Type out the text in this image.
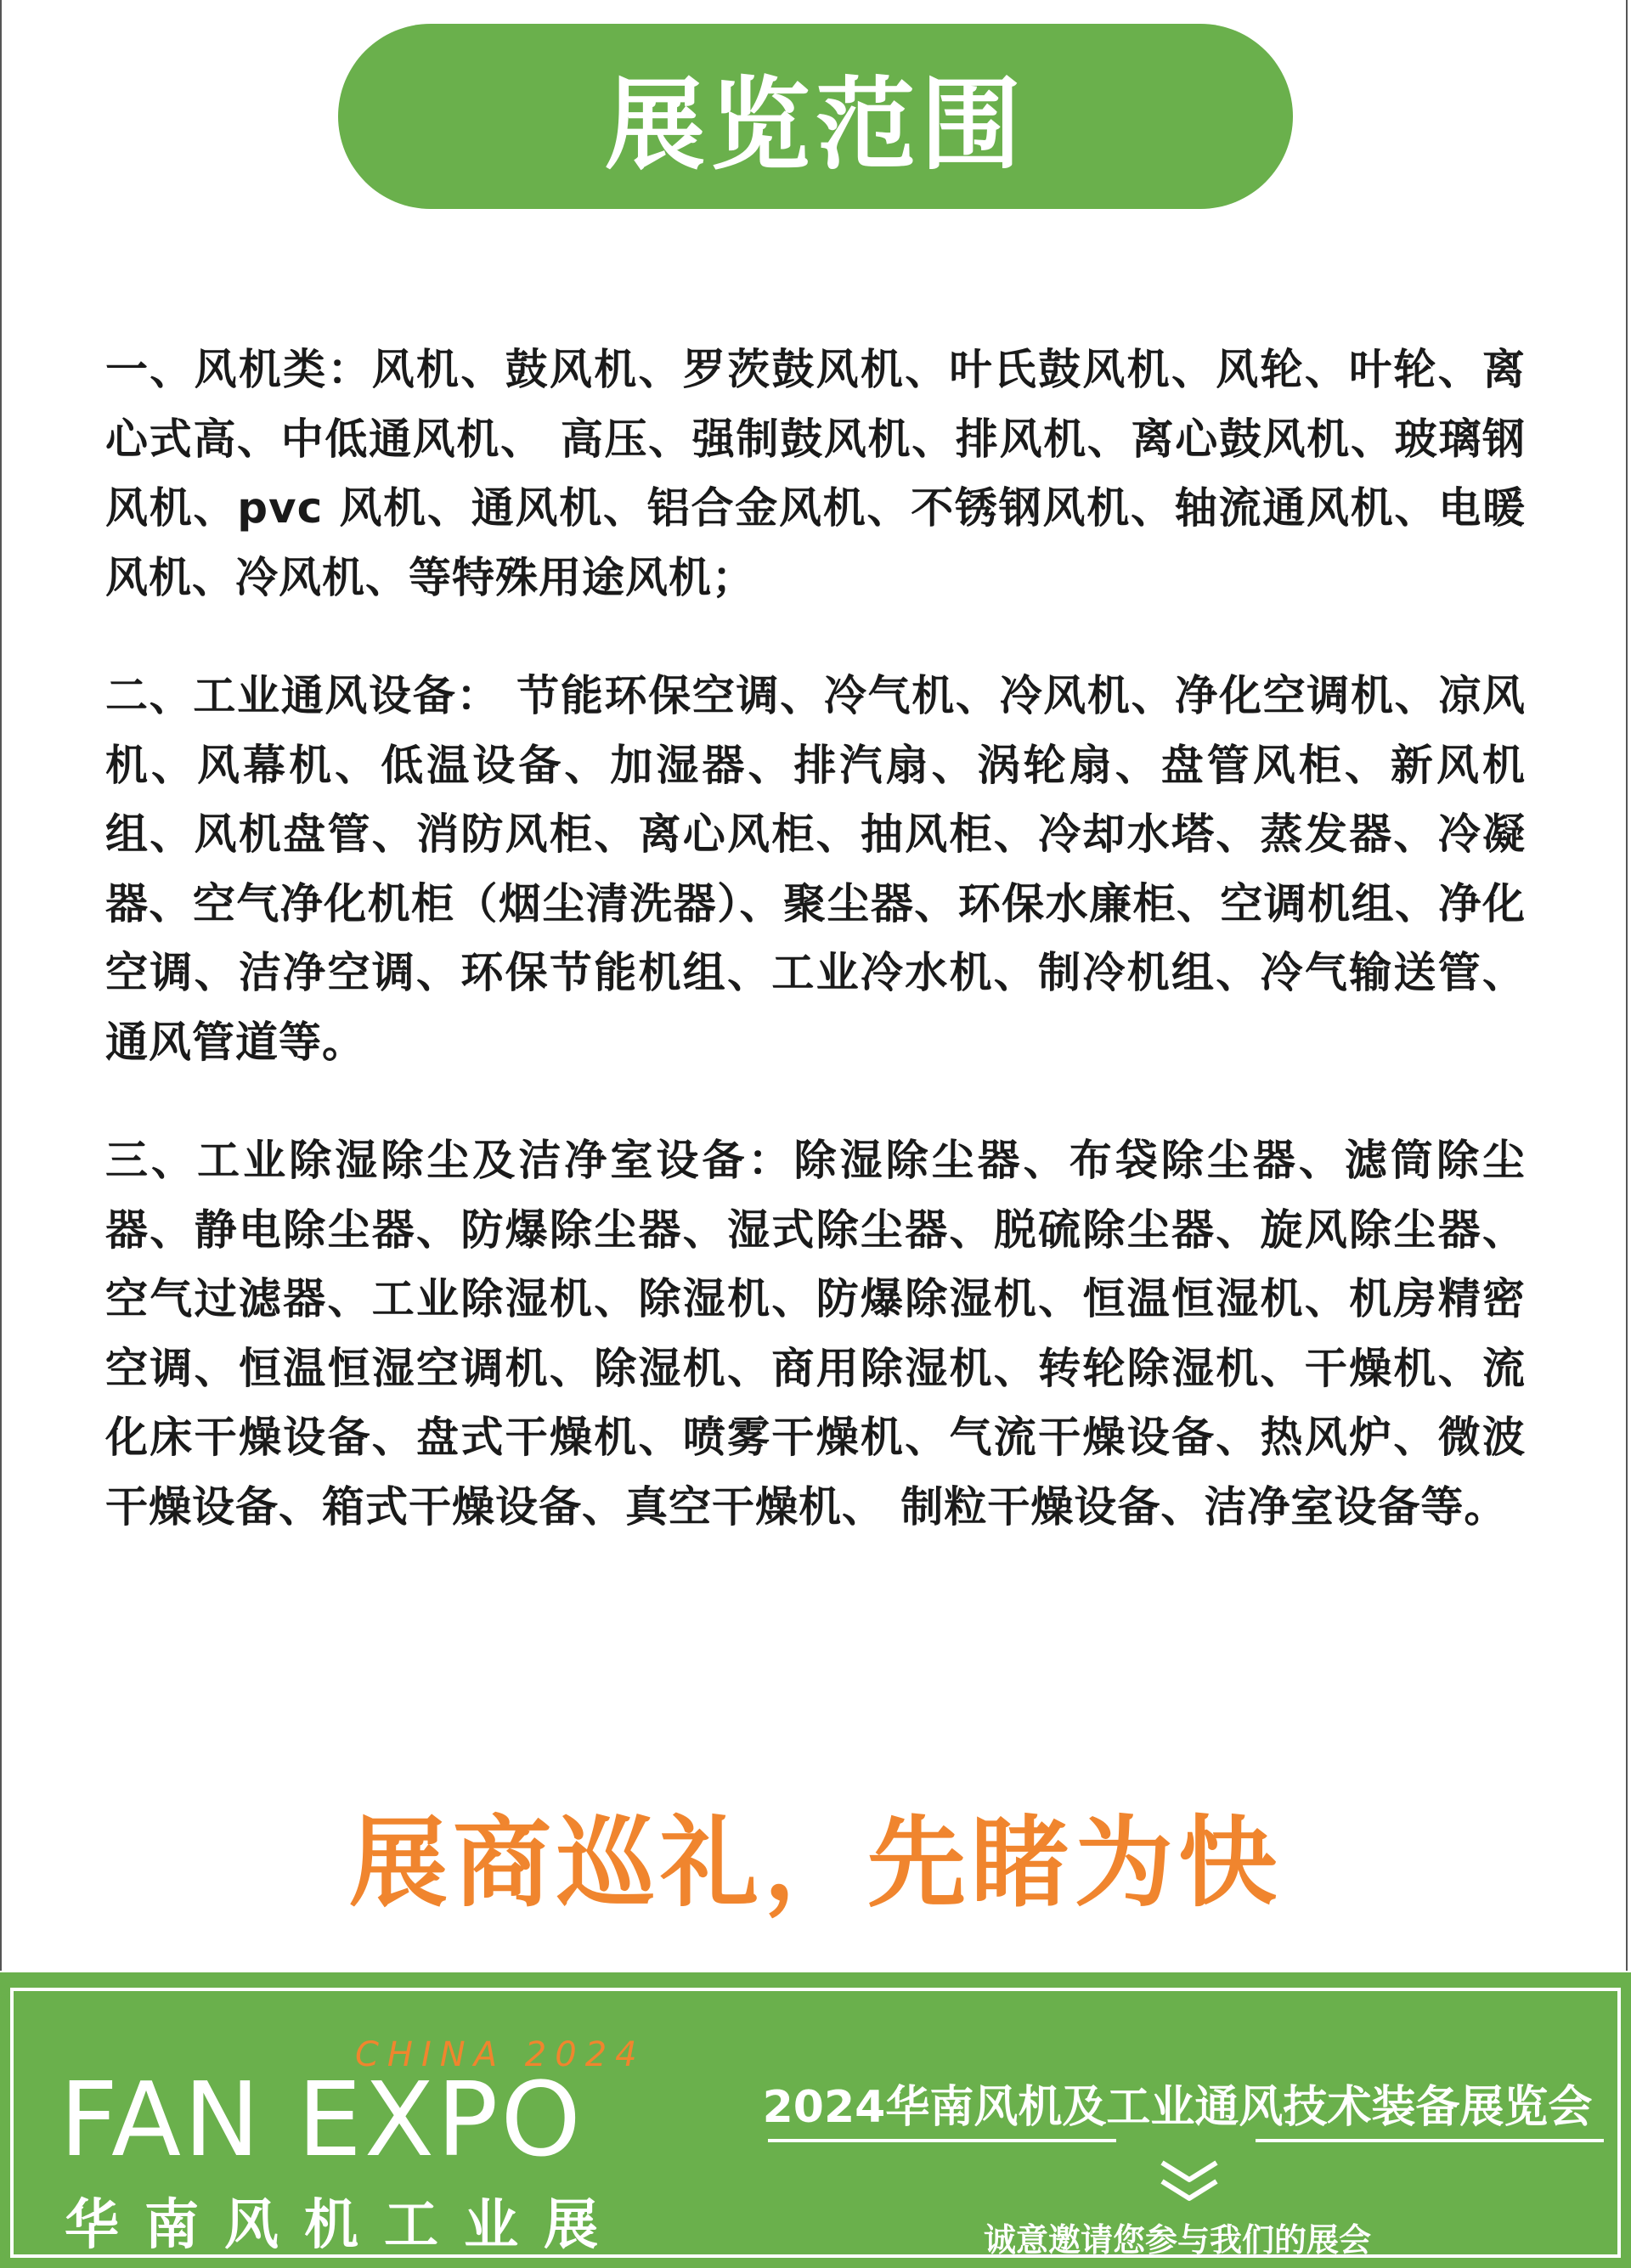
展览范围

一、风机类：风机、鼓风机、罗茨鼓风机、叶氏鼓风机、风轮、叶轮、离心式高、中低通风机、 高压、强制鼓风机、排风机、离心鼓风机、玻璃钢风机、pvc 风机、通风机、铝合金风机、不锈钢风机、轴流通风机、电暖风机、冷风机、等特殊用途风机；

二、工业通风设备： 节能环保空调、冷气机、冷风机、净化空调机、凉风机、风幕机、低温设备、加湿器、排汽扇、涡轮扇、盘管风柜、新风机组、风机盘管、消防风柜、离心风柜、抽风柜、冷却水塔、蒸发器、冷凝器、空气净化机柜（烟尘清洗器）、聚尘器、环保水廉柜、空调机组、净化空调、洁净空调、环保节能机组、工业冷水机、制冷机组、冷气输送管、通风管道等。

三、工业除湿除尘及洁净室设备：除湿除尘器、布袋除尘器、滤筒除尘器、静电除尘器、防爆除尘器、湿式除尘器、脱硫除尘器、旋风除尘器、空气过滤器、工业除湿机、除湿机、防爆除湿机、恒温恒湿机、机房精密空调、恒温恒湿空调机、除湿机、商用除湿机、转轮除湿机、干燥机、流化床干燥设备、盘式干燥机、喷雾干燥机、气流干燥设备、热风炉、微波干燥设备、箱式干燥设备、真空干燥机、 制粒干燥设备、洁净室设备等。

展商巡礼，先睹为快
CHINA 2024
FAN EXPO
华南风机工业展
2024华南风机及工业通风技术装备展览会
诚意邀请您参与我们的展会
